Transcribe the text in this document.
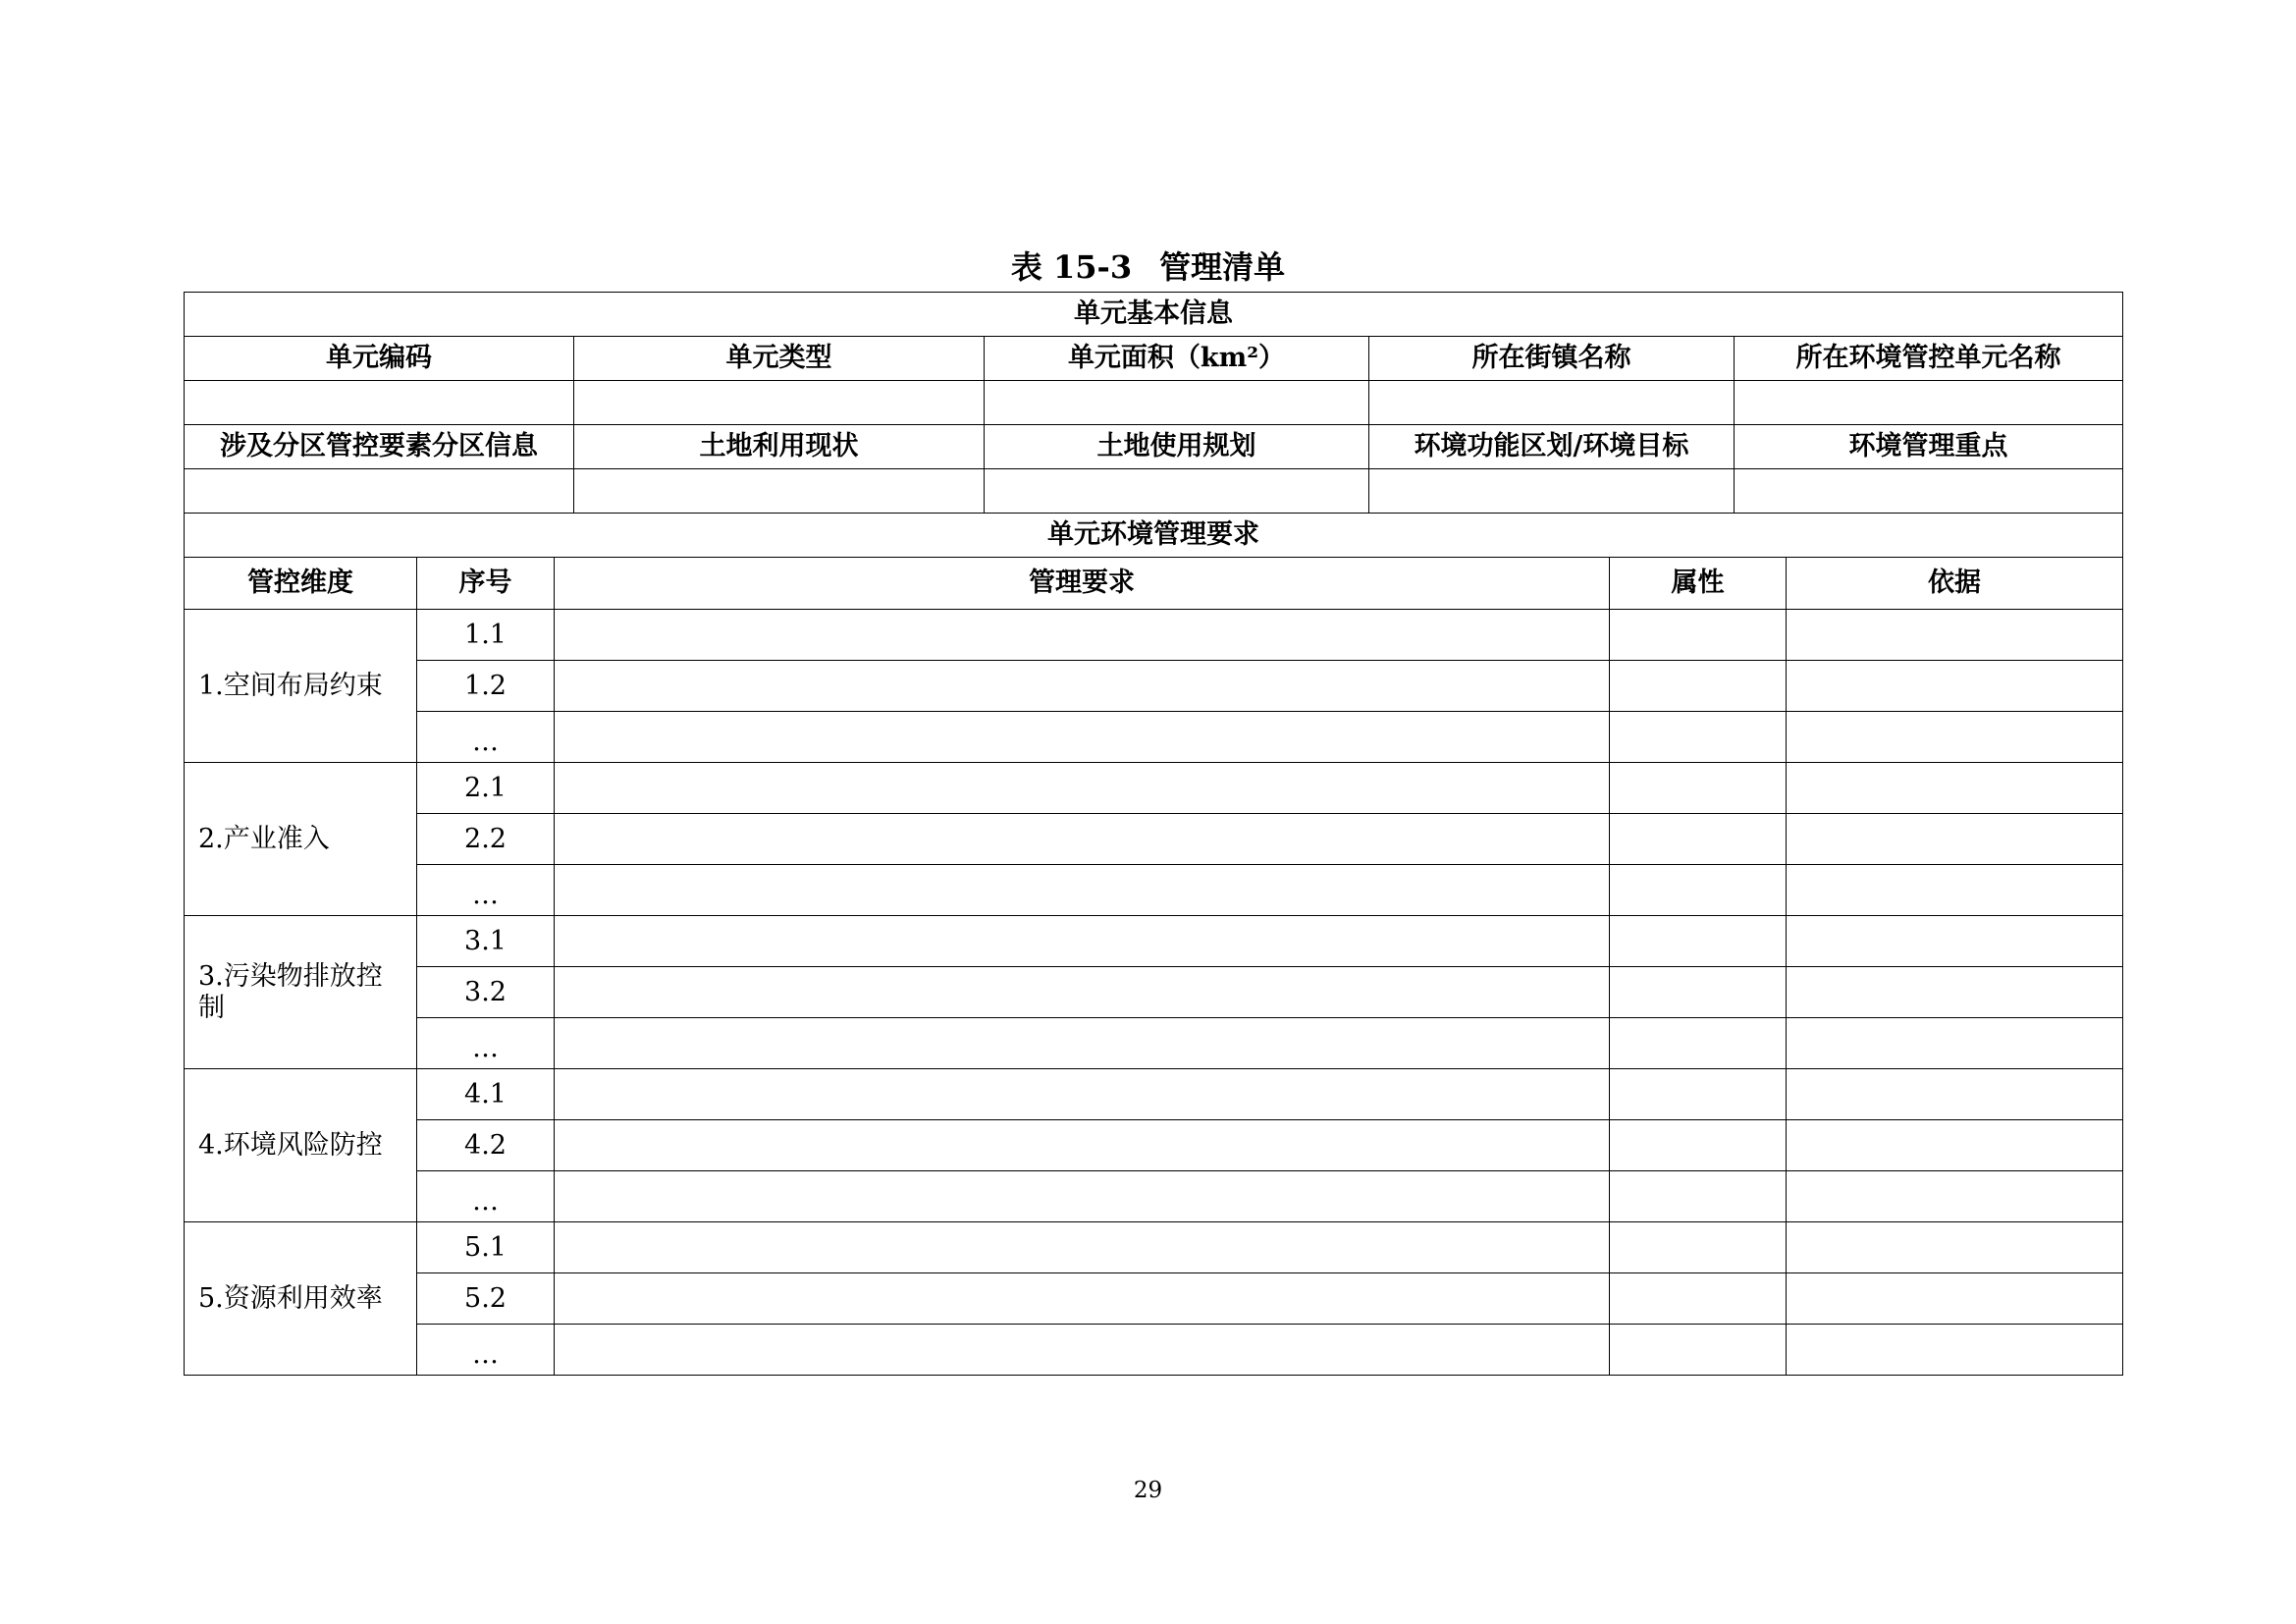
表 15-3 管理清单
单元基本信息				
单元编码	单元类型	单元面积（km²）	所在街镇名称	所在环境管控单元名称

涉及分区管控要素分区信息	土地利用现状	土地使用规划	环境功能区划/环境目标	环境管理重点

单元环境管理要求				
管控维度	序号	管理要求	属性	依据
1.空间布局约束	1.1			
	1.2			
	…			
2.产业准入	2.1			
	2.2			
	…			
3.污染物排放控制	3.1			
	3.2			
	…			
4.环境风险防控	4.1			
	4.2			
	…			
5.资源利用效率	5.1			
	5.2			
	…			
29
